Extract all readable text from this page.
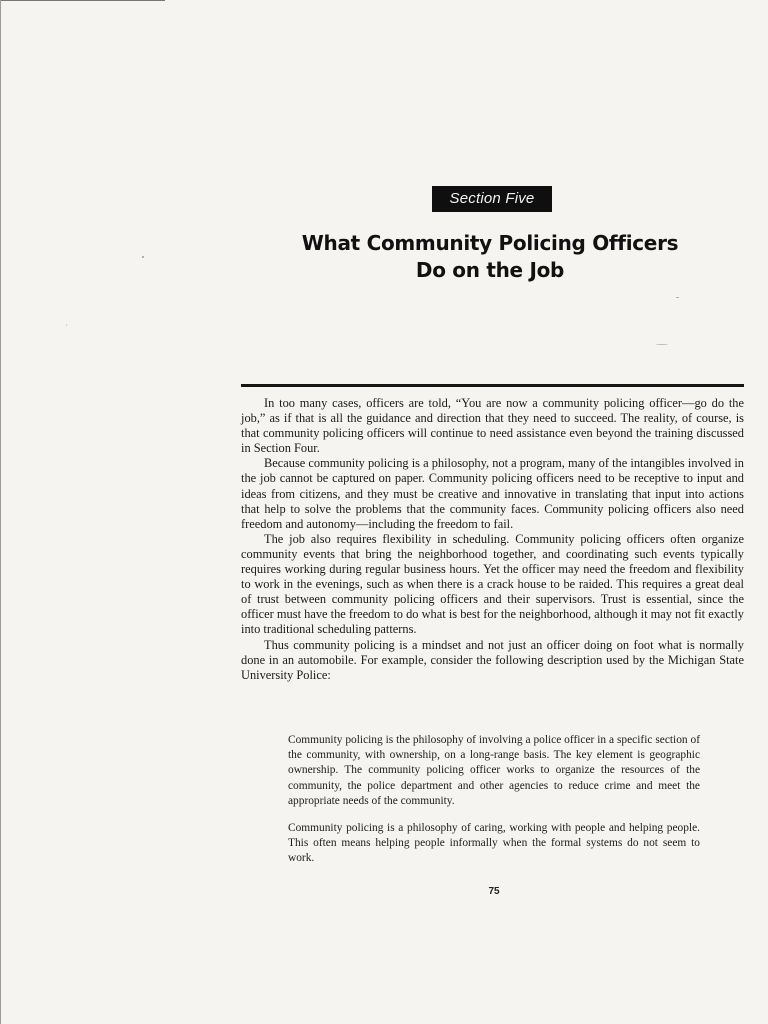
Section Five
What Community Policing Officers
Do on the Job

In too many cases, officers are told, “You are now a community policing officer—go do the job,” as if that is all the guidance and direction that they need to succeed. The reality, of course, is that community policing officers will continue to need assistance even beyond the training discussed in Section Four.

Because community policing is a philosophy, not a program, many of the intangibles involved in the job cannot be captured on paper. Community policing officers need to be receptive to input and ideas from citizens, and they must be creative and innovative in translating that input into actions that help to solve the problems that the community faces. Community policing officers also need freedom and autonomy—including the freedom to fail.

The job also requires flexibility in scheduling. Community policing officers often organize community events that bring the neighborhood together, and coordinating such events typically requires working during regular business hours. Yet the officer may need the freedom and flexibility to work in the evenings, such as when there is a crack house to be raided. This requires a great deal of trust between community policing officers and their supervisors. Trust is essential, since the officer must have the freedom to do what is best for the neighborhood, although it may not fit exactly into traditional scheduling patterns.

Thus community policing is a mindset and not just an officer doing on foot what is normally done in an automobile. For example, consider the following description used by the Michigan State University Police:

Community policing is the philosophy of involving a police officer in a specific section of the community, with ownership, on a long-range basis. The key element is geographic ownership. The community policing officer works to organize the resources of the community, the police department and other agencies to reduce crime and meet the appropriate needs of the community.

Community policing is a philosophy of caring, working with people and helping people. This often means helping people informally when the formal systems do not seem to work.

75
